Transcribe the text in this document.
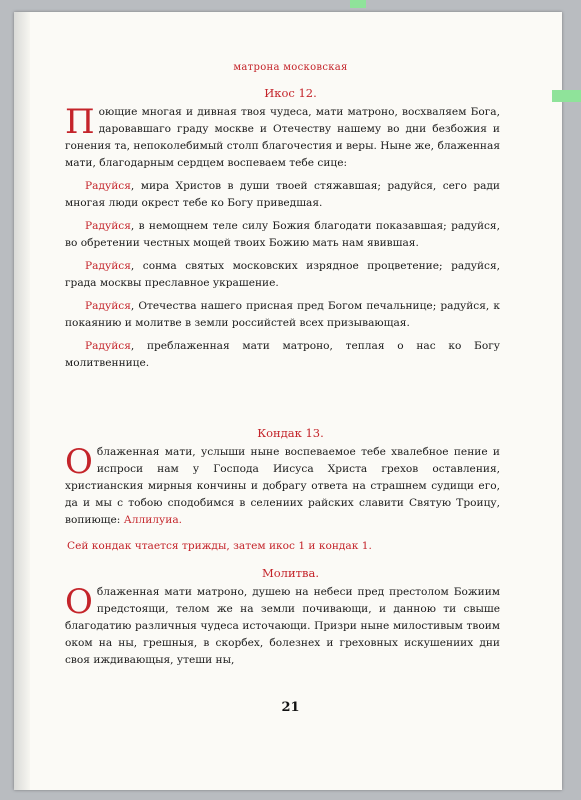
матрона московская
Икос 12.

Поющие многая и дивная твоя чудеса, мати матроно, восхваляем Бога, даровавшаго граду москве и Отечеству нашему во дни безбожия и гонения та, непоколебимый столп благочестия и веры. Ныне же, блаженная мати, благодарным сердцем воспеваем тебе сице:

Радуйся, мира Христов в души твоей стяжавшая; радуйся, сего ради многая люди окрест тебе ко Богу приведшая.

Радуйся, в немощнем теле силу Божия благодати показавшая; радуйся, во обретении честных мощей твоих Божию мать нам явившая.

Радуйся, сонма святых московских изрядное процветение; радуйся, града москвы преславное украшение.

Радуйся, Отечества нашего присная пред Богом печальнице; радуйся, к покаянию и молитве в земли российстей всех призывающая.

Радуйся, преблаженная мати матроно, теплая о нас ко Богу молитвеннице.

Кондак 13.

Облаженная мати, услыши ныне воспеваемое тебе хвалебное пение и испроси нам у Господа Иисуса Христа грехов оставления, христианския мирныя кончины и добрагу ответа на страшнем судищи его, да и мы с тобою сподобимся в селениих райских славити Святую Троицу, вопиюще: Аллилуиа.

Сей кондак чтается трижды, затем икос 1 и кондак 1.
Молитва.

Облаженная мати матроно, душею на небеси пред престолом Божиим предстоящи, телом же на земли почивающи, и данною ти свыше благодатию различныя чудеса источающи. Призри ныне милостивым твоим оком на ны, грешныя, в скорбех, болезнех и греховных искушениих дни своя иждивающыя, утеши ны,

21
